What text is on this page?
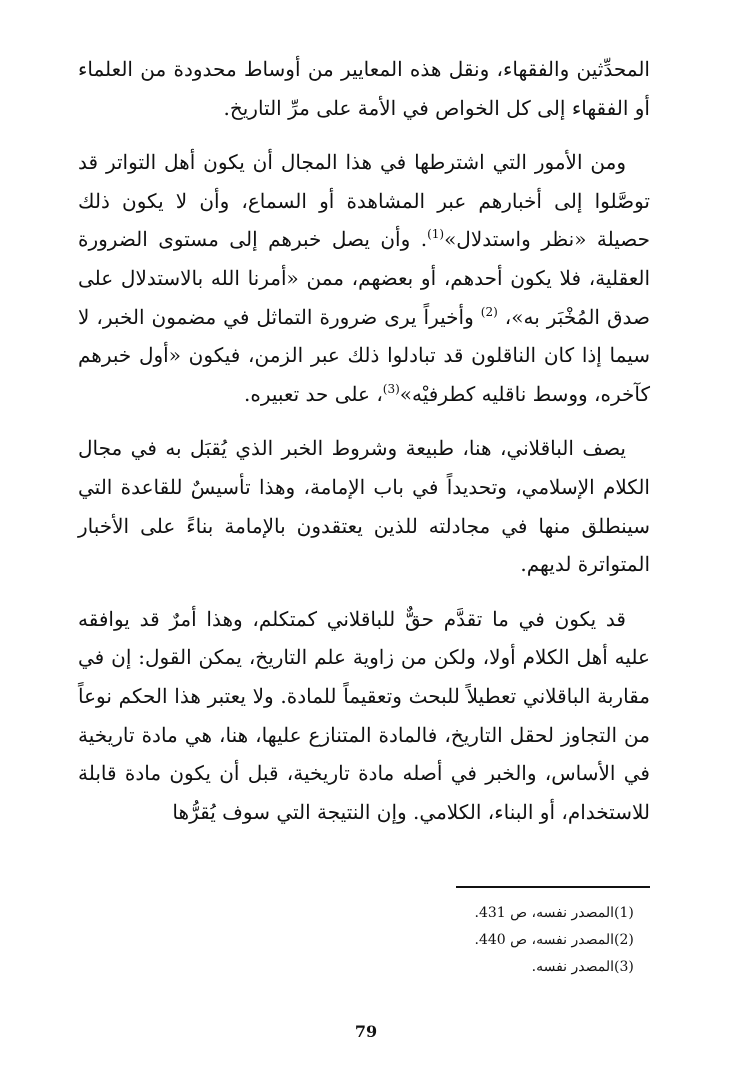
المحدِّثين والفقهاء، ونقل هذه المعايير من أوساط محدودة من العلماء أو الفقهاء إلى كل الخواص في الأمة على مرِّ التاريخ.

ومن الأمور التي اشترطها في هذا المجال أن يكون أهل التواتر قد توصَّلوا إلى أخبارهم عبر المشاهدة أو السماع، وأن لا يكون ذلك حصيلة «نظر واستدلال»$^{(1)}$. وأن يصل خبرهم إلى مستوى الضرورة العقلية، فلا يكون أحدهم، أو بعضهم، ممن «أمرنا الله بالاستدلال على صدق المُخْبَر به»، $^{(2)}$ وأخيراً يرى ضرورة التماثل في مضمون الخبر، لا سيما إذا كان الناقلون قد تبادلوا ذلك عبر الزمن، فيكون «أول خبرهم كآخره، ووسط ناقليه كطرفيْه»$^{(3)}$، على حد تعبيره.

يصف الباقلاني، هنا، طبيعة وشروط الخبر الذي يُقبَل به في مجال الكلام الإسلامي، وتحديداً في باب الإمامة، وهذا تأسيسٌ للقاعدة التي سينطلق منها في مجادلته للذين يعتقدون بالإمامة بناءً على الأخبار المتواترة لديهم.

قد يكون في ما تقدَّم حقٌّ للباقلاني كمتكلم، وهذا أمرٌ قد يوافقه عليه أهل الكلام أولا، ولكن من زاوية علم التاريخ، يمكن القول: إن في مقاربة الباقلاني تعطيلاً للبحث وتعقيماً للمادة. ولا يعتبر هذا الحكم نوعاً من التجاوز لحقل التاريخ، فالمادة المتنازع عليها، هنا، هي مادة تاريخية في الأساس، والخبر في أصله مادة تاريخية، قبل أن يكون مادة قابلة للاستخدام، أو البناء، الكلامي. وإن النتيجة التي سوف يُقرُّها

(1)
المصدر نفسه، ص 431.
(2)
المصدر نفسه، ص 440.
(3)
المصدر نفسه.
79
